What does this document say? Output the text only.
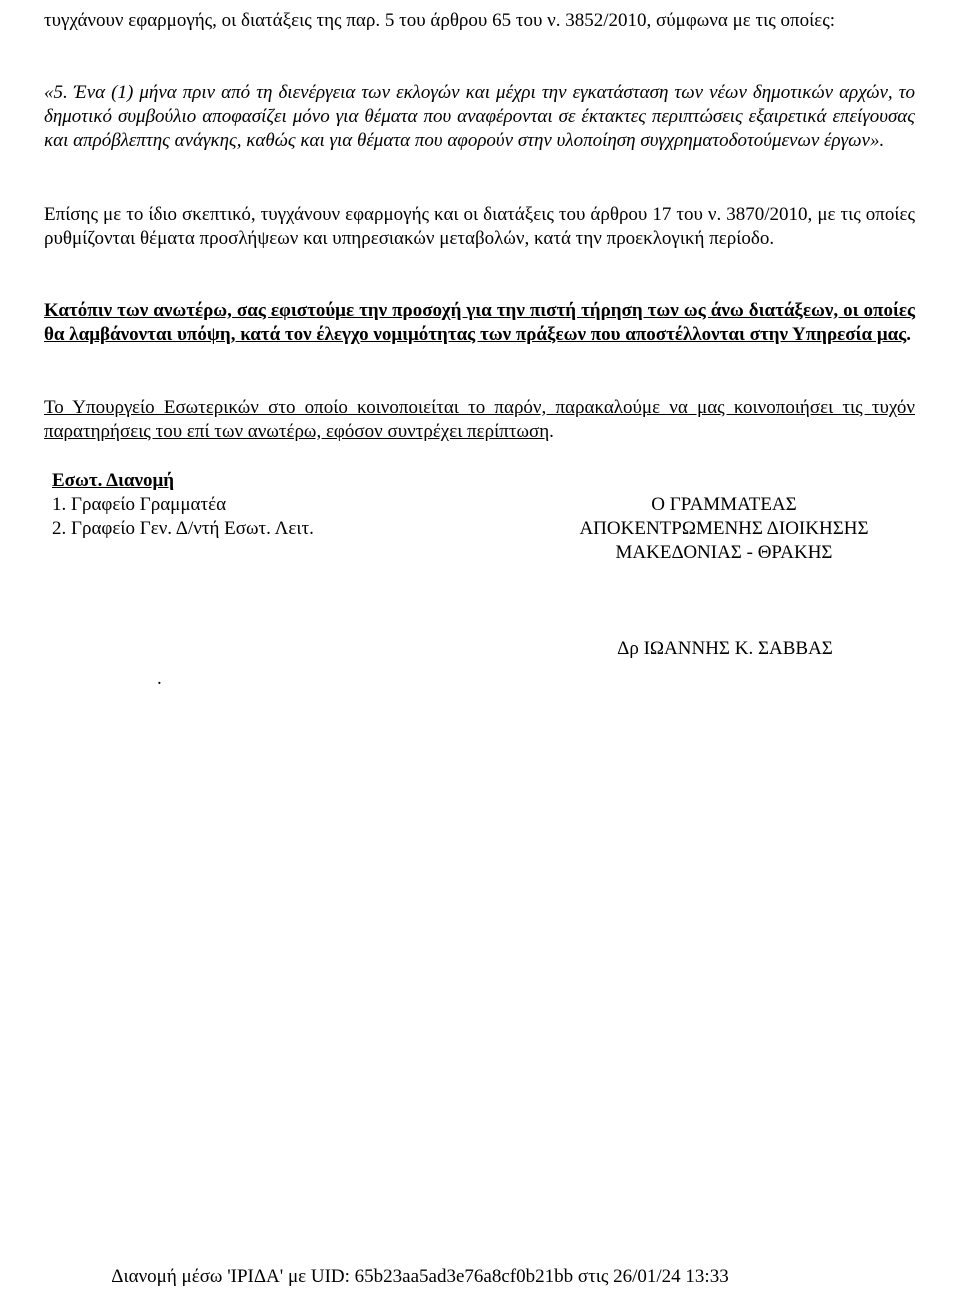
τυγχάνουν εφαρμογής, οι διατάξεις της παρ. 5 του άρθρου 65 του ν. 3852/2010, σύμφωνα με τις οποίες:

«5. Ένα (1) μήνα πριν από τη διενέργεια των εκλογών και μέχρι την εγκατάσταση των νέων δημοτικών αρχών, το δημοτικό συμβούλιο αποφασίζει μόνο για θέματα που αναφέρονται σε έκτακτες περιπτώσεις εξαιρετικά επείγουσας και απρόβλεπτης ανάγκης, καθώς και για θέματα που αφορούν στην υλοποίηση συγχρηματοδοτούμενων έργων».

Επίσης με το ίδιο σκεπτικό, τυγχάνουν εφαρμογής και οι διατάξεις του άρθρου 17 του ν. 3870/2010, με τις οποίες ρυθμίζονται θέματα προσλήψεων και υπηρεσιακών μεταβολών, κατά την προεκλογική περίοδο.

Κατόπιν των ανωτέρω, σας εφιστούμε την προσοχή για την πιστή τήρηση των ως άνω διατάξεων, οι οποίες θα λαμβάνονται υπόψη, κατά τον έλεγχο νομιμότητας των πράξεων που αποστέλλονται στην Υπηρεσία μας.

Το Υπουργείο Εσωτερικών στο οποίο κοινοποιείται το παρόν, παρακαλούμε να μας κοινοποιήσει τις τυχόν παρατηρήσεις του επί των ανωτέρω, εφόσον συντρέχει περίπτωση.

Εσωτ. Διανομή
1. Γραφείο Γραμματέα
2. Γραφείο Γεν. Δ/ντή Εσωτ. Λειτ.
Ο ΓΡΑΜΜΑΤΕΑΣ
ΑΠΟΚΕΝΤΡΩΜΕΝΗΣ ΔΙΟΙΚΗΣΗΣ
ΜΑΚΕΔΟΝΙΑΣ - ΘΡΑΚΗΣ
Δρ ΙΩΑΝΝΗΣ Κ. ΣΑΒΒΑΣ
.
Διανομή μέσω 'ΙΡΙΔΑ' με UID: 65b23aa5ad3e76a8cf0b21bb στις 26/01/24 13:33
